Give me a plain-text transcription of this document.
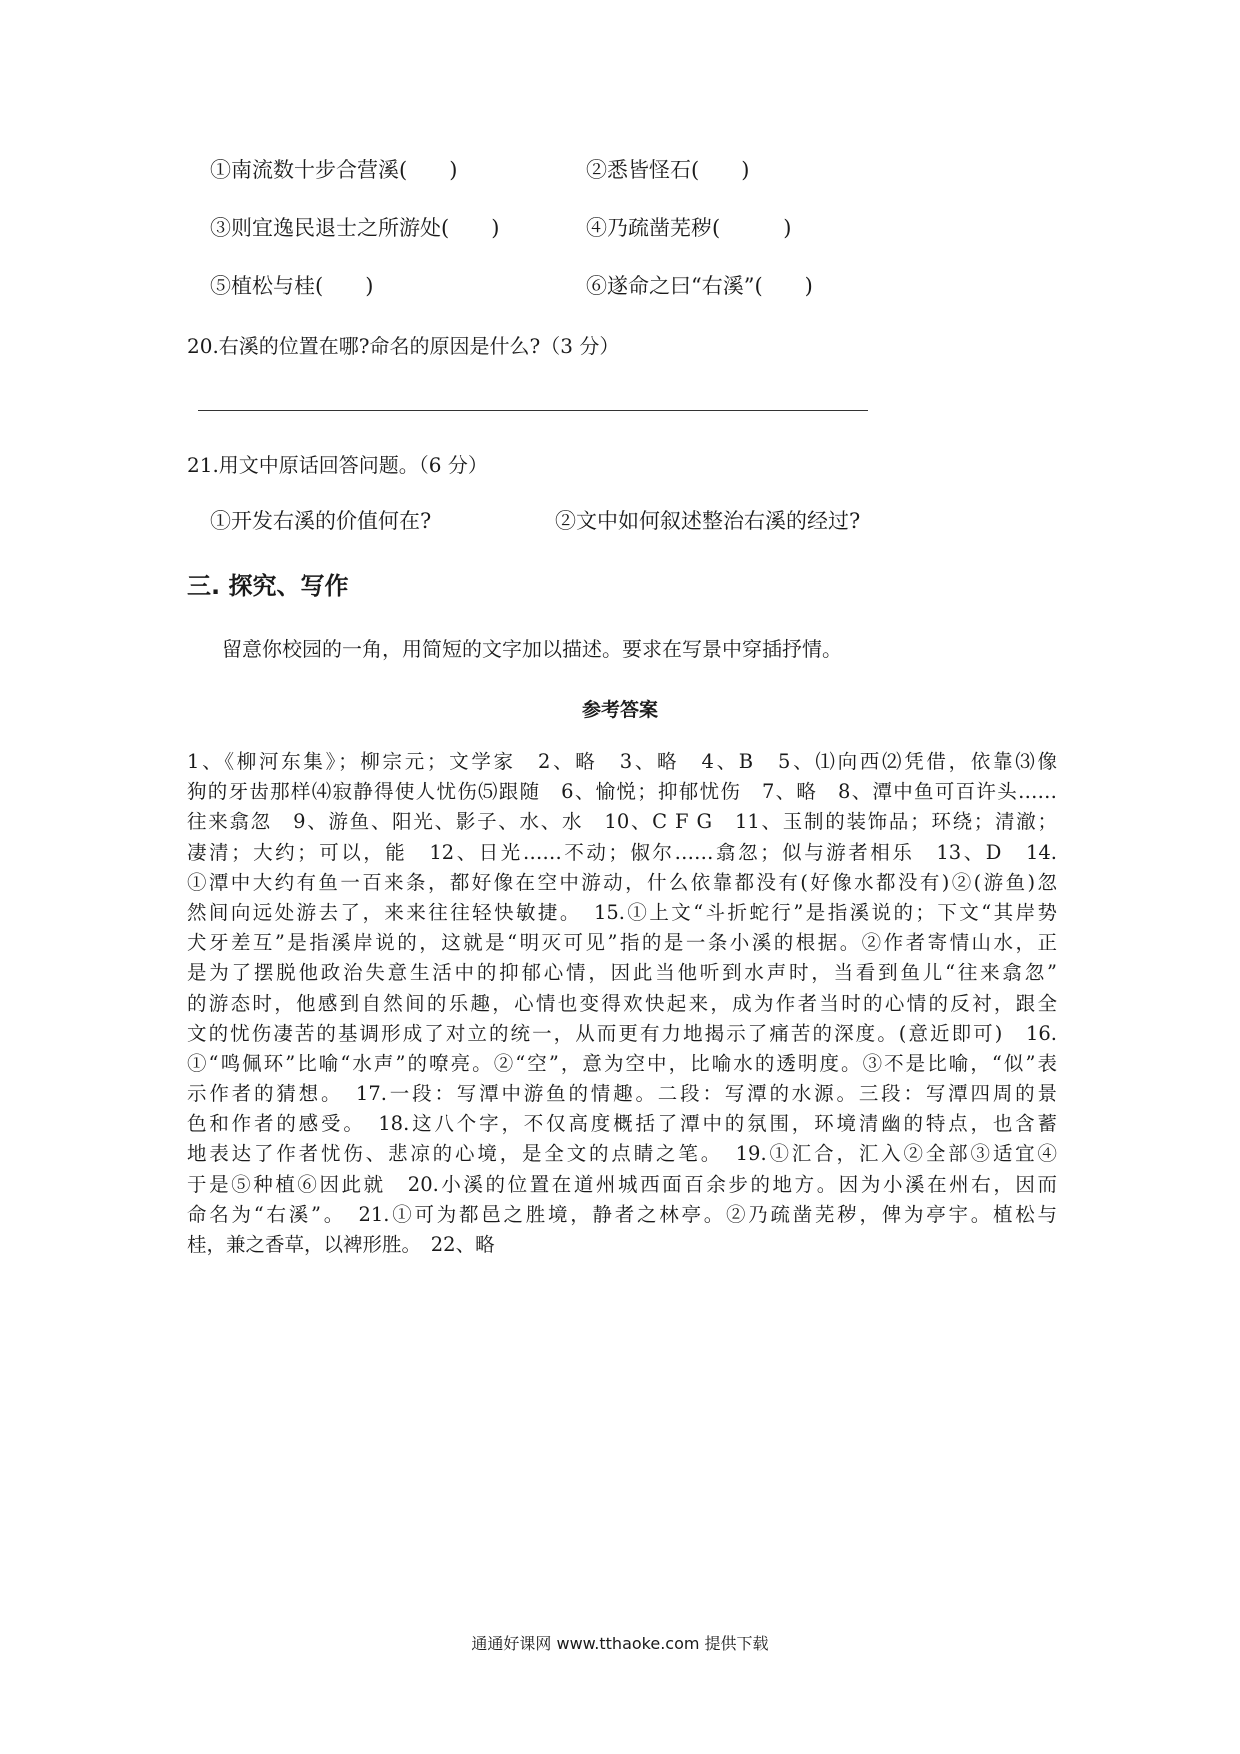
①南流数十步合营溪(　　)	②悉皆怪石(　　)
③则宜逸民退士之所游处(　　)	④乃疏凿芜秽(　　　)
⑤植松与桂(　　)	⑥遂命之曰“右溪”(　　)
20.右溪的位置在哪?命名的原因是什么?（3 分）
21.用文中原话回答问题。（6 分）
①开发右溪的价值何在?	②文中如何叙述整治右溪的经过?
三. 探究、写作
留意你校园的一角，用简短的文字加以描述。要求在写景中穿插抒情。
参考答案
1、《柳河东集》；柳宗元；文学家　2、略　3、略　4、B　5、⑴向西⑵凭借，依靠⑶像
狗的牙齿那样⑷寂静得使人忧伤⑸跟随　6、愉悦；抑郁忧伤　7、略　8、潭中鱼可百许头……
往来翕忽　9、游鱼、阳光、影子、水、水　10、C F G　11、玉制的装饰品；环绕；清澈；
凄清；大约；可以，能　12、日光……不动；俶尔……翕忽；似与游者相乐　13、D　14.
①潭中大约有鱼一百来条，都好像在空中游动，什么依靠都没有(好像水都没有)②(游鱼)忽
然间向远处游去了，来来往往轻快敏捷。　15.①上文“斗折蛇行”是指溪说的；下文“其岸势
犬牙差互”是指溪岸说的，这就是“明灭可见”指的是一条小溪的根据。②作者寄情山水，正
是为了摆脱他政治失意生活中的抑郁心情，因此当他听到水声时，当看到鱼儿“往来翕忽”
的游态时，他感到自然间的乐趣，心情也变得欢快起来，成为作者当时的心情的反衬，跟全
文的忧伤凄苦的基调形成了对立的统一，从而更有力地揭示了痛苦的深度。(意近即可)　16.
①“鸣佩环”比喻“水声”的嘹亮。②“空”，意为空中，比喻水的透明度。③不是比喻，“似”表
示作者的猜想。　17.一段：写潭中游鱼的情趣。二段：写潭的水源。三段：写潭四周的景
色和作者的感受。　18.这八个字，不仅高度概括了潭中的氛围，环境清幽的特点，也含蓄
地表达了作者忧伤、悲凉的心境，是全文的点睛之笔。　19.①汇合，汇入②全部③适宜④
于是⑤种植⑥因此就　20.小溪的位置在道州城西面百余步的地方。因为小溪在州右，因而
命名为“右溪”。　21.①可为都邑之胜境，静者之林亭。②乃疏凿芜秽，俾为亭宇。植松与
桂，兼之香草，以裨形胜。　22、略
通通好课网 www.tthaoke.com 提供下载
